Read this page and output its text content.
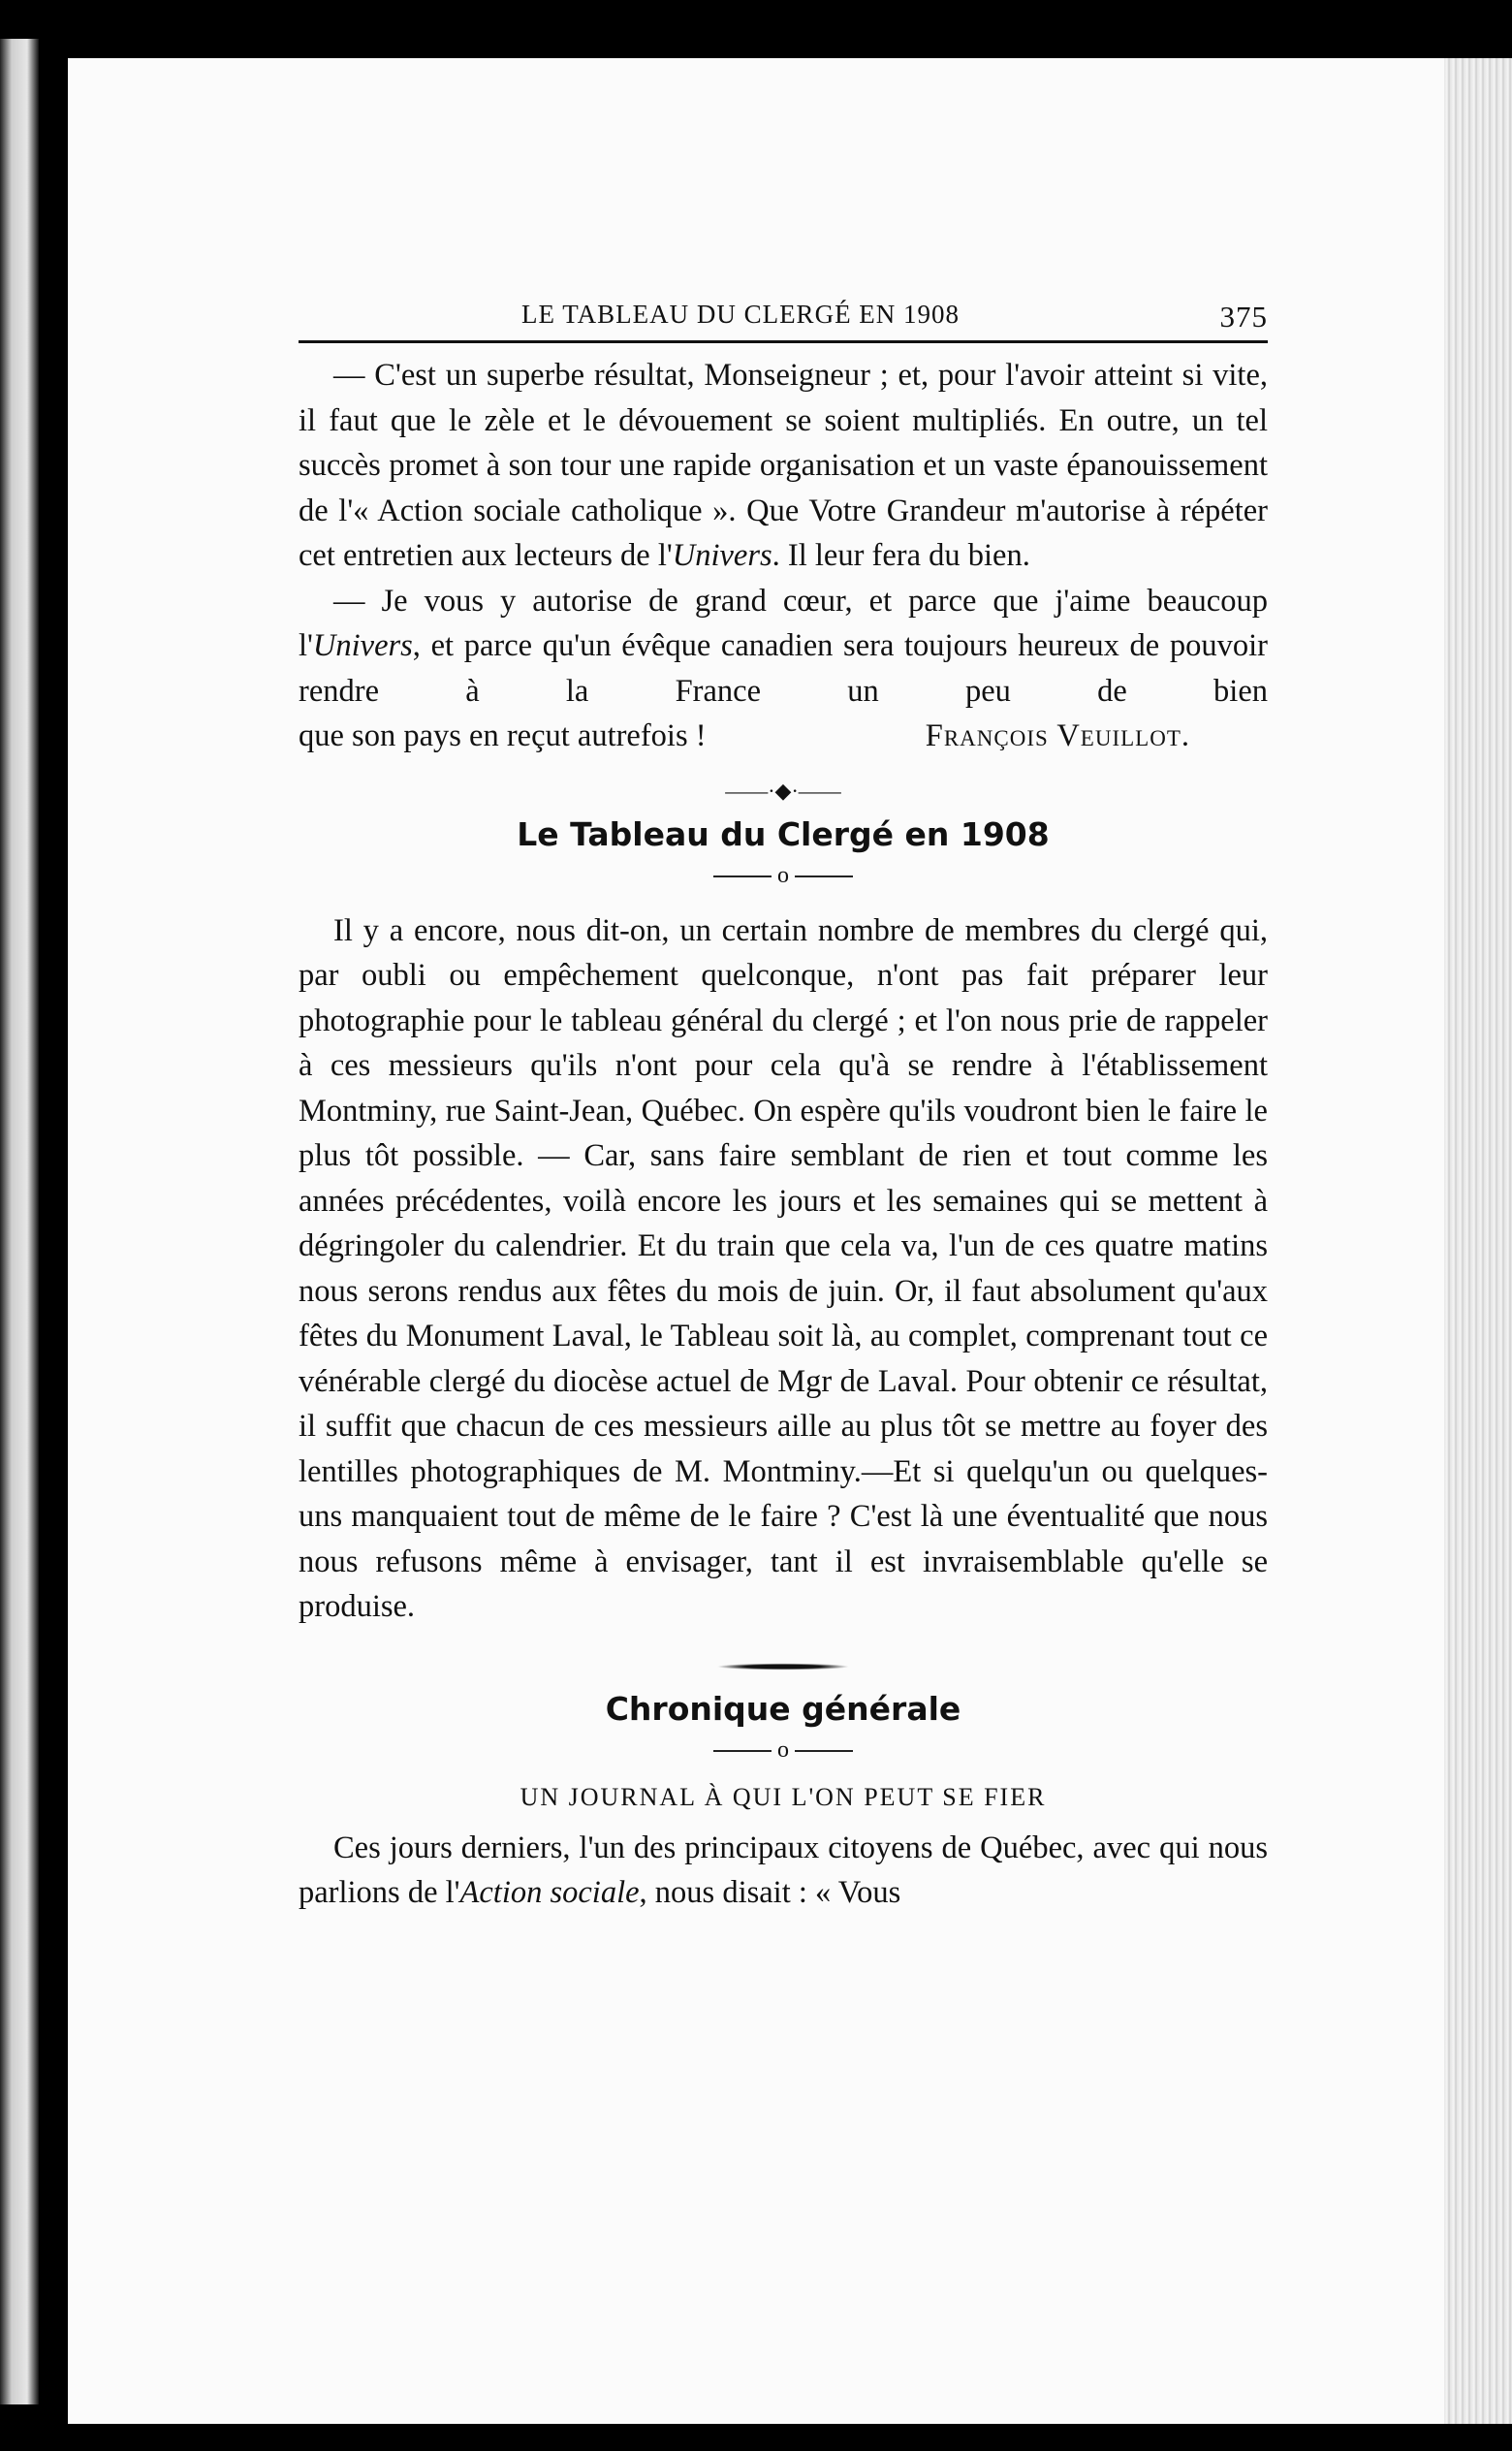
LE TABLEAU DU CLERGÉ EN 1908	375

— C'est un superbe résultat, Monseigneur ; et, pour l'avoir atteint si vite, il faut que le zèle et le dévouement se soient multipliés. En outre, un tel succès promet à son tour une rapide organisation et un vaste épanouissement de l'« Action sociale catholique ». Que Votre Grandeur m'autorise à répéter cet entretien aux lecteurs de l'Univers. Il leur fera du bien.

— Je vous y autorise de grand cœur, et parce que j'aime beaucoup l'Univers, et parce qu'un évêque canadien sera toujours heureux de pouvoir rendre à la France un peu de bien

que son pays en reçut autrefois !	François Veuillot.
——·◆·——
Le Tableau du Clergé en 1908
o

Il y a encore, nous dit-on, un certain nombre de membres du clergé qui, par oubli ou empêchement quelconque, n'ont pas fait préparer leur photographie pour le tableau général du clergé ; et l'on nous prie de rappeler à ces messieurs qu'ils n'ont pour cela qu'à se rendre à l'établissement Montminy, rue Saint-Jean, Québec. On espère qu'ils voudront bien le faire le plus tôt possible. — Car, sans faire semblant de rien et tout comme les années précédentes, voilà encore les jours et les semaines qui se mettent à dégringoler du calendrier. Et du train que cela va, l'un de ces quatre matins nous serons rendus aux fêtes du mois de juin. Or, il faut absolument qu'aux fêtes du Monument Laval, le Tableau soit là, au complet, comprenant tout ce vénérable clergé du diocèse actuel de Mgr de Laval. Pour obtenir ce résultat, il suffit que chacun de ces messieurs aille au plus tôt se mettre au foyer des lentilles photographiques de M. Montminy.—Et si quelqu'un ou quelques-uns manquaient tout de même de le faire ? C'est là une éventualité que nous nous refusons même à envisager, tant il est invraisemblable qu'elle se produise.

Chronique générale
o
UN JOURNAL À QUI L'ON PEUT SE FIER

Ces jours derniers, l'un des principaux citoyens de Québec, avec qui nous parlions de l'Action sociale, nous disait : « Vous
